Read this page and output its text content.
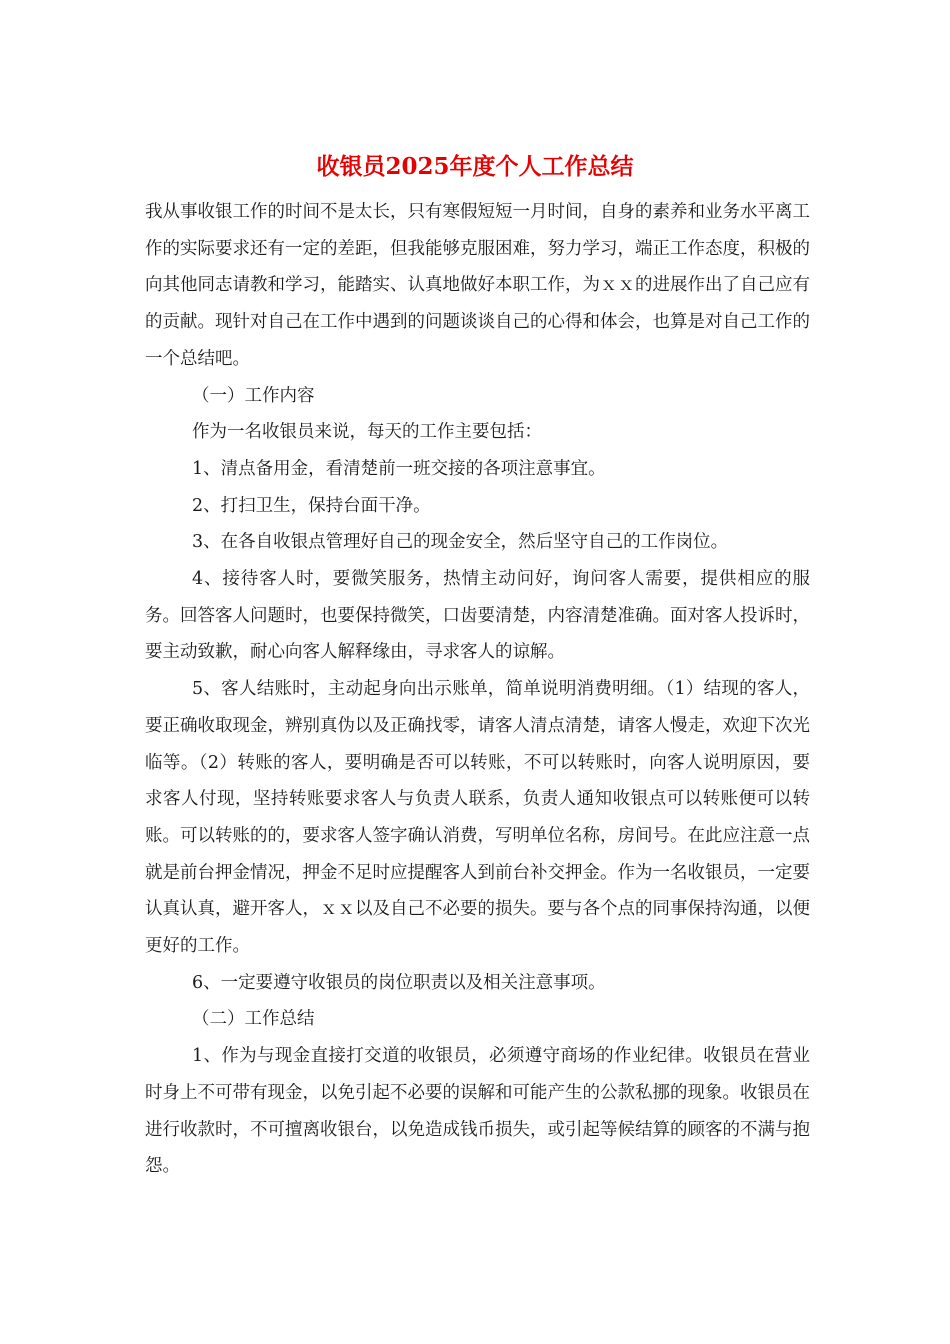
收银员2025年度个人工作总结

我从事收银工作的时间不是太长，只有寒假短短一月时间，自身的素养和业务水平离工作的实际要求还有一定的差距，但我能够克服困难，努力学习，端正工作态度，积极的向其他同志请教和学习，能踏实、认真地做好本职工作，为ｘｘ的进展作出了自己应有的贡献。现针对自己在工作中遇到的问题谈谈自己的心得和体会，也算是对自己工作的一个总结吧。

（一）工作内容

作为一名收银员来说，每天的工作主要包括：

1、清点备用金，看清楚前一班交接的各项注意事宜。

2、打扫卫生，保持台面干净。

3、在各自收银点管理好自己的现金安全，然后坚守自己的工作岗位。

4、接待客人时，要微笑服务，热情主动问好，询问客人需要，提供相应的服务。回答客人问题时，也要保持微笑，口齿要清楚，内容清楚准确。面对客人投诉时，要主动致歉，耐心向客人解释缘由，寻求客人的谅解。

5、客人结账时，主动起身向出示账单，简单说明消费明细。（1）结现的客人，要正确收取现金，辨别真伪以及正确找零，请客人清点清楚，请客人慢走，欢迎下次光临等。（2）转账的客人，要明确是否可以转账，不可以转账时，向客人说明原因，要求客人付现，坚持转账要求客人与负责人联系，负责人通知收银点可以转账便可以转账。可以转账的的，要求客人签字确认消费，写明单位名称，房间号。在此应注意一点就是前台押金情况，押金不足时应提醒客人到前台补交押金。作为一名收银员，一定要认真认真，避开客人，ｘｘ以及自己不必要的损失。要与各个点的同事保持沟通，以便更好的工作。

6、一定要遵守收银员的岗位职责以及相关注意事项。

（二）工作总结

1、作为与现金直接打交道的收银员，必须遵守商场的作业纪律。收银员在营业时身上不可带有现金，以免引起不必要的误解和可能产生的公款私挪的现象。收银员在进行收款时，不可擅离收银台，以免造成钱币损失，或引起等候结算的顾客的不满与抱怨。
